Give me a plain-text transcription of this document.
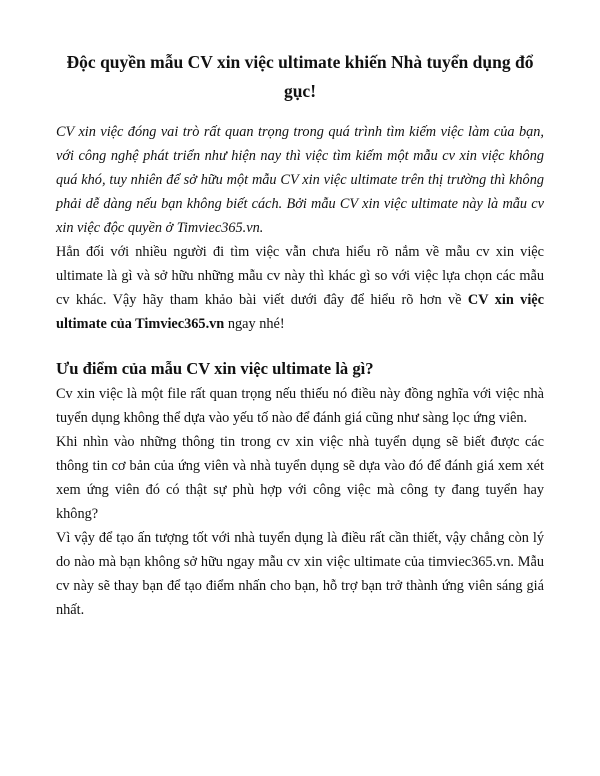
Độc quyền mẫu CV xin việc ultimate khiến Nhà tuyển dụng đổ gục!

CV xin việc đóng vai trò rất quan trọng trong quá trình tìm kiếm việc làm của bạn, với công nghệ phát triển như hiện nay thì việc tìm kiếm một mẫu cv xin việc không quá khó, tuy nhiên để sở hữu một mẫu CV xin việc ultimate trên thị trường thì không phải dễ dàng nếu bạn không biết cách. Bởi mẫu CV xin việc ultimate này là mẫu cv xin việc độc quyền ở Timviec365.vn.

Hẳn đối với nhiều người đi tìm việc vẫn chưa hiểu rõ nắm về mẫu cv xin việc ultimate là gì và sở hữu những mẫu cv này thì khác gì so với việc lựa chọn các mẫu cv khác. Vậy hãy tham khảo bài viết dưới đây để hiểu rõ hơn về CV xin việc ultimate của Timviec365.vn ngay nhé!

Ưu điểm của mẫu CV xin việc ultimate là gì?

Cv xin việc là một file rất quan trọng nếu thiếu nó điều này đồng nghĩa với việc nhà tuyển dụng không thể dựa vào yếu tố nào để đánh giá cũng như sàng lọc ứng viên.

Khi nhìn vào những thông tin trong cv xin việc nhà tuyển dụng sẽ biết được các thông tin cơ bản của ứng viên và nhà tuyển dụng sẽ dựa vào đó để đánh giá xem xét xem ứng viên đó có thật sự phù hợp với công việc mà công ty đang tuyển hay không?

Vì vậy để tạo ấn tượng tốt với nhà tuyển dụng là điều rất cần thiết, vậy chẳng còn lý do nào mà bạn không sở hữu ngay mẫu cv xin việc ultimate của timviec365.vn. Mẫu cv này sẽ thay bạn để tạo điểm nhấn cho bạn, hỗ trợ bạn trở thành ứng viên sáng giá nhất.
